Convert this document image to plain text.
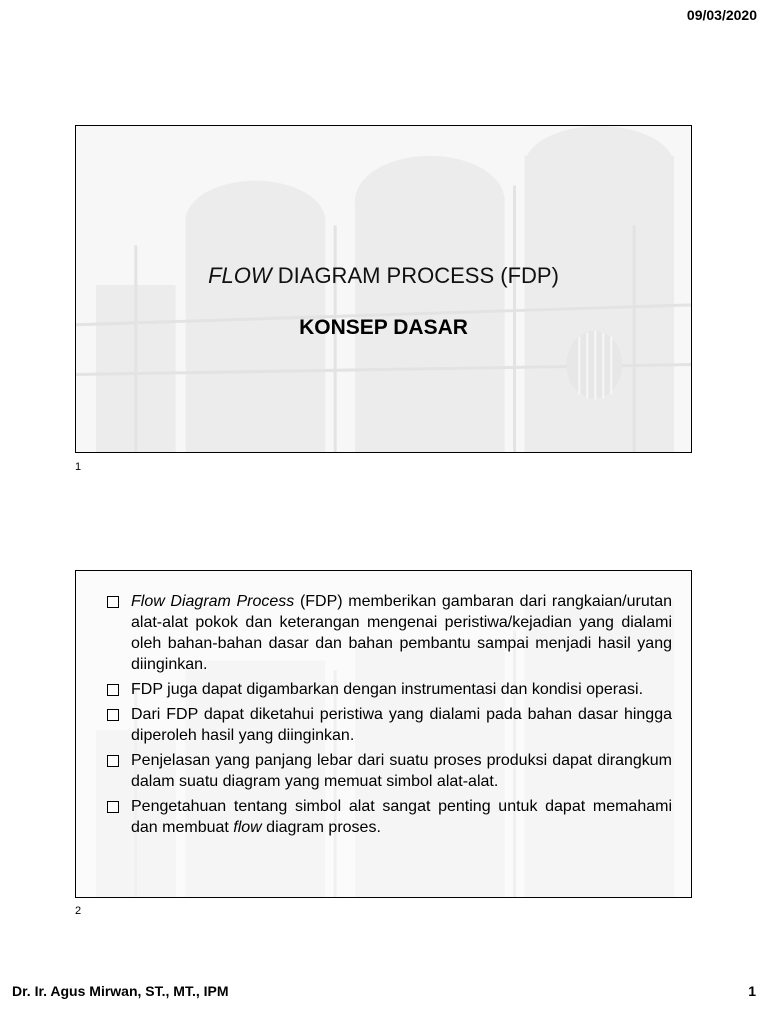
09/03/2020
FLOW DIAGRAM PROCESS (FDP)
KONSEP DASAR
1
Flow Diagram Process (FDP) memberikan gambaran dari rangkaian/urutan alat-alat pokok dan keterangan mengenai peristiwa/kejadian yang dialami oleh bahan-bahan dasar dan bahan pembantu sampai menjadi hasil yang diinginkan.
FDP juga dapat digambarkan dengan instrumentasi dan kondisi operasi.
Dari FDP dapat diketahui peristiwa yang dialami pada bahan dasar hingga diperoleh hasil yang diinginkan.
Penjelasan yang panjang lebar dari suatu proses produksi dapat dirangkum dalam suatu diagram yang memuat simbol alat-alat.
Pengetahuan tentang simbol alat sangat penting untuk dapat memahami dan membuat flow diagram proses.
2
Dr. Ir. Agus Mirwan, ST., MT., IPM	1
